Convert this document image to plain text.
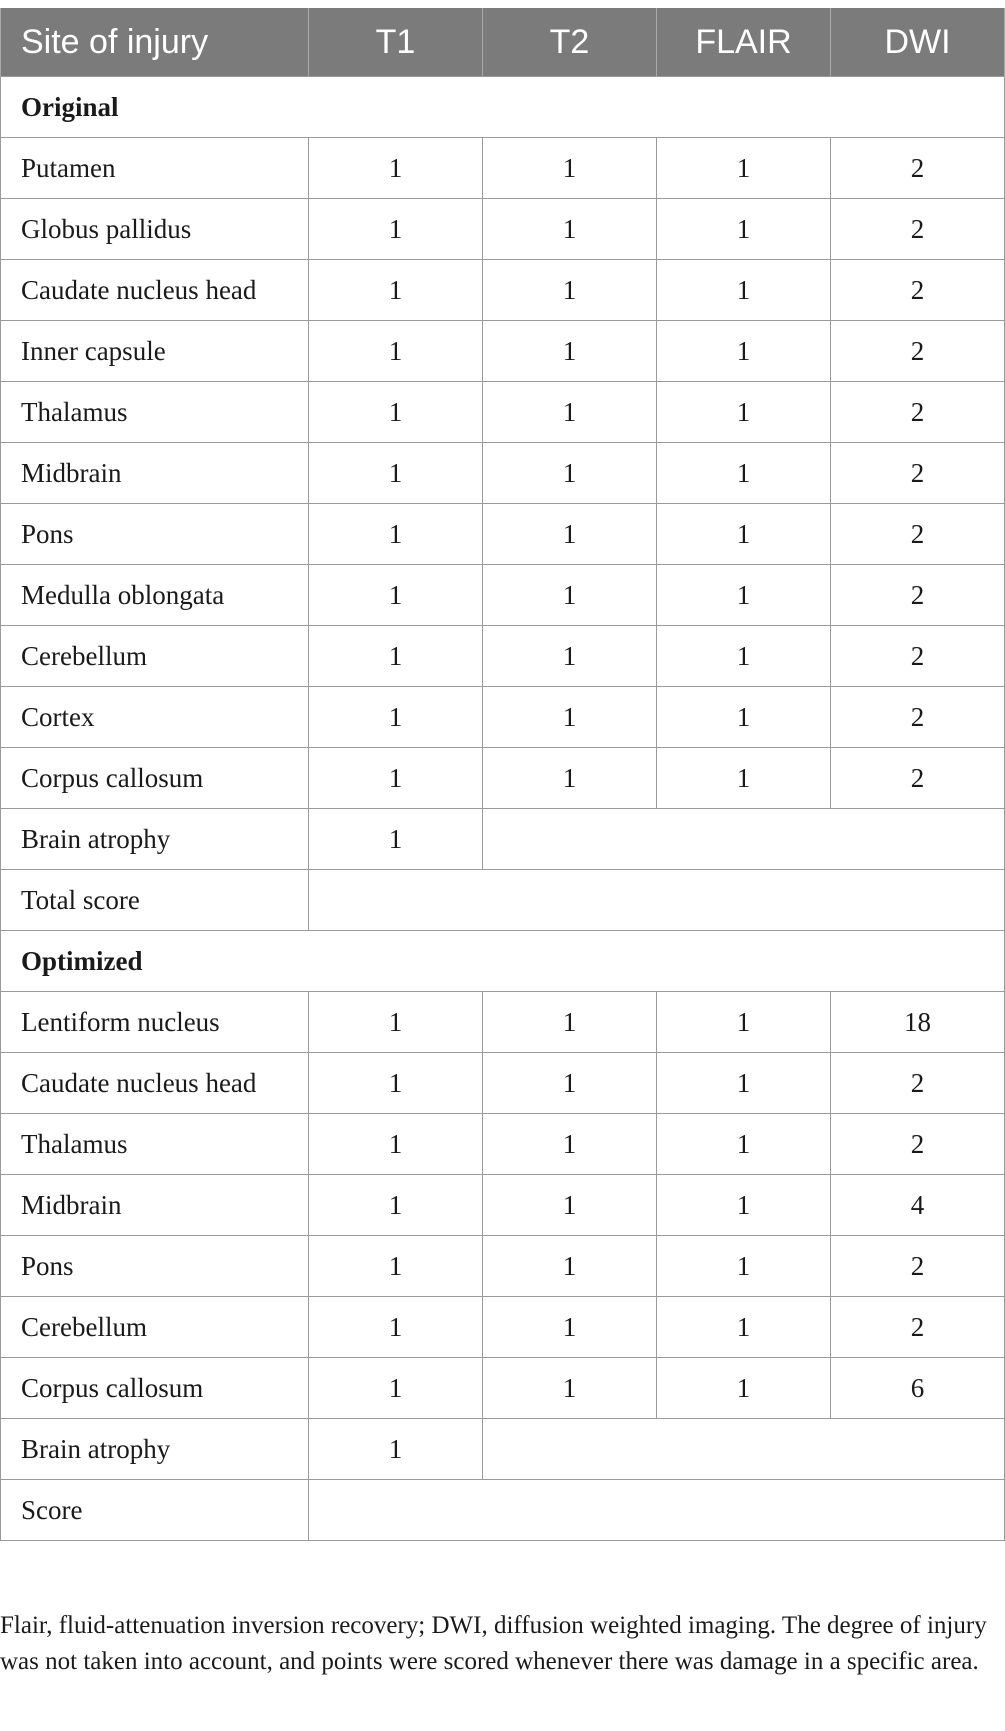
Site of injury	T1	T2	FLAIR	DWI
Original				
Putamen	1	1	1	2
Globus pallidus	1	1	1	2
Caudate nucleus head	1	1	1	2
Inner capsule	1	1	1	2
Thalamus	1	1	1	2
Midbrain	1	1	1	2
Pons	1	1	1	2
Medulla oblongata	1	1	1	2
Cerebellum	1	1	1	2
Cortex	1	1	1	2
Corpus callosum	1	1	1	2
Brain atrophy	1			
Total score				
Optimized				
Lentiform nucleus	1	1	1	18
Caudate nucleus head	1	1	1	2
Thalamus	1	1	1	2
Midbrain	1	1	1	4
Pons	1	1	1	2
Cerebellum	1	1	1	2
Corpus callosum	1	1	1	6
Brain atrophy	1			
Score				
Flair, fluid-attenuation inversion recovery; DWI, diffusion weighted imaging. The degree of injury was not taken into account, and points were scored whenever there was damage in a specific area.
